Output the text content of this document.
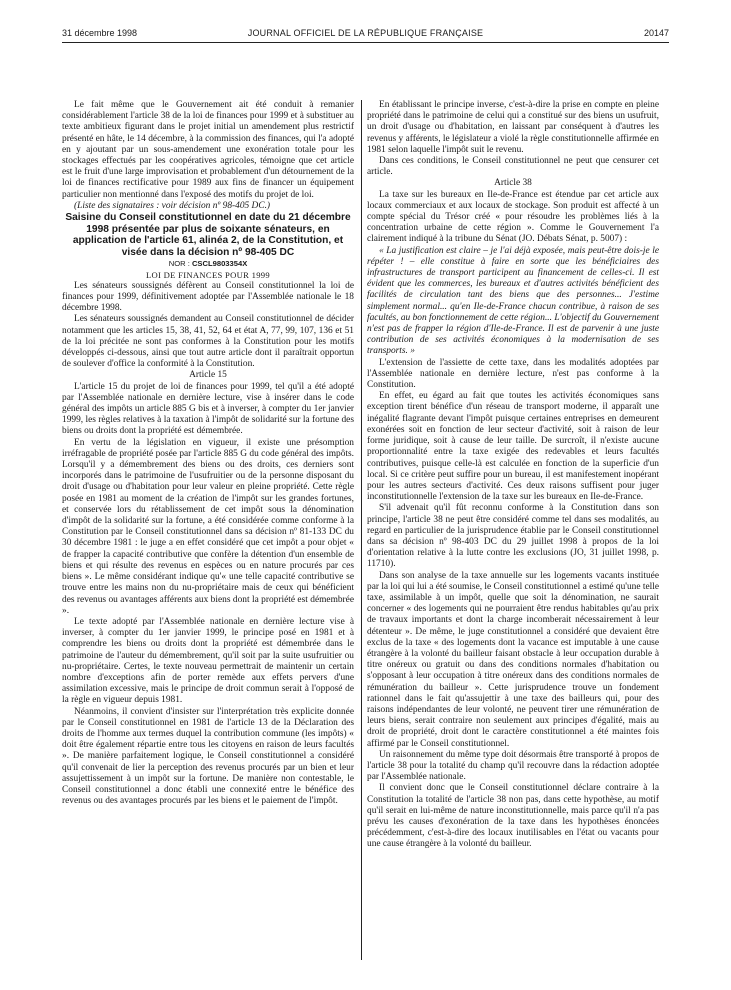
31 décembre 1998	JOURNAL OFFICIEL DE LA RÉPUBLIQUE FRANÇAISE	20147

Le fait même que le Gouvernement ait été conduit à remanier considérablement l'article 38 de la loi de finances pour 1999 et à substituer au texte ambitieux figurant dans le projet initial un amendement plus restrictif présenté en hâte, le 14 décembre, à la commission des finances, qui l'a adopté en y ajoutant par un sous-amendement une exonération totale pour les stockages effectués par les coopératives agricoles, témoigne que cet article est le fruit d'une large improvisation et probablement d'un détournement de la loi de finances rectificative pour 1989 aux fins de financer un équipement particulier non mentionné dans l'exposé des motifs du projet de loi.

(Liste des signataires : voir décision nº 98-405 DC.)

Saisine du Conseil constitutionnel en date du 21 décembre 1998 présentée par plus de soixante sénateurs, en application de l'article 61, alinéa 2, de la Constitution, et visée dans la décision nº 98-405 DC

NOR : CSCL9803354X

LOI DE FINANCES POUR 1999

Les sénateurs soussignés défèrent au Conseil constitutionnel la loi de finances pour 1999, définitivement adoptée par l'Assemblée nationale le 18 décembre 1998.

Les sénateurs soussignés demandent au Conseil constitutionnel de décider notamment que les articles 15, 38, 41, 52, 64 et état A, 77, 99, 107, 136 et 51 de la loi précitée ne sont pas conformes à la Constitution pour les motifs développés ci-dessous, ainsi que tout autre article dont il paraîtrait opportun de soulever d'office la conformité à la Constitution.

Article 15

L'article 15 du projet de loi de finances pour 1999, tel qu'il a été adopté par l'Assemblée nationale en dernière lecture, vise à insérer dans le code général des impôts un article 885 G bis et à inverser, à compter du 1er janvier 1999, les règles relatives à la taxation à l'impôt de solidarité sur la fortune des biens ou droits dont la propriété est démembrée.

En vertu de la législation en vigueur, il existe une présomption irréfragable de propriété posée par l'article 885 G du code général des impôts. Lorsqu'il y a démembrement des biens ou des droits, ces derniers sont incorporés dans le patrimoine de l'usufruitier ou de la personne disposant du droit d'usage ou d'habitation pour leur valeur en pleine propriété. Cette règle posée en 1981 au moment de la création de l'impôt sur les grandes fortunes, et conservée lors du rétablissement de cet impôt sous la dénomination d'impôt de la solidarité sur la fortune, a été considérée comme conforme à la Constitution par le Conseil constitutionnel dans sa décision nº 81-133 DC du 30 décembre 1981 : le juge a en effet considéré que cet impôt a pour objet « de frapper la capacité contributive que confère la détention d'un ensemble de biens et qui résulte des revenus en espèces ou en nature procurés par ces biens ». Le même considérant indique qu'« une telle capacité contributive se trouve entre les mains non du nu-propriétaire mais de ceux qui bénéficient des revenus ou avantages afférents aux biens dont la propriété est démembrée ».

Le texte adopté par l'Assemblée nationale en dernière lecture vise à inverser, à compter du 1er janvier 1999, le principe posé en 1981 et à comprendre les biens ou droits dont la propriété est démembrée dans le patrimoine de l'auteur du démembrement, qu'il soit par la suite usufruitier ou nu-propriétaire. Certes, le texte nouveau permettrait de maintenir un certain nombre d'exceptions afin de porter remède aux effets pervers d'une assimilation excessive, mais le principe de droit commun serait à l'opposé de la règle en vigueur depuis 1981.

Néanmoins, il convient d'insister sur l'interprétation très explicite donnée par le Conseil constitutionnel en 1981 de l'article 13 de la Déclaration des droits de l'homme aux termes duquel la contribution commune (les impôts) « doit être également répartie entre tous les citoyens en raison de leurs facultés ». De manière parfaitement logique, le Conseil constitutionnel a considéré qu'il convenait de lier la perception des revenus procurés par un bien et leur assujettissement à un impôt sur la fortune. De manière non contestable, le Conseil constitutionnel a donc établi une connexité entre le bénéfice des revenus ou des avantages procurés par les biens et le paiement de l'impôt.

En établissant le principe inverse, c'est-à-dire la prise en compte en pleine propriété dans le patrimoine de celui qui a constitué sur des biens un usufruit, un droit d'usage ou d'habitation, en laissant par conséquent à d'autres les revenus y afférents, le législateur a violé la règle constitutionnelle affirmée en 1981 selon laquelle l'impôt suit le revenu.

Dans ces conditions, le Conseil constitutionnel ne peut que censurer cet article.

Article 38

La taxe sur les bureaux en Ile-de-France est étendue par cet article aux locaux commerciaux et aux locaux de stockage. Son produit est affecté à un compte spécial du Trésor créé « pour résoudre les problèmes liés à la concentration urbaine de cette région ». Comme le Gouvernement l'a clairement indiqué à la tribune du Sénat (JO. Débats Sénat, p. 5007) :

« La justification est claire – je l'ai déjà exposée, mais peut-être dois-je le répéter ! – elle constitue à faire en sorte que les bénéficiaires des infrastructures de transport participent au financement de celles-ci. Il est évident que les commerces, les bureaux et d'autres activités bénéficient des facilités de circulation tant des biens que des personnes... J'estime simplement normal... qu'en Ile-de-France chacun contribue, à raison de ses facultés, au bon fonctionnement de cette région... L'objectif du Gouvernement n'est pas de frapper la région d'Ile-de-France. Il est de parvenir à une juste contribution de ses activités économiques à la modernisation de ses transports. »

L'extension de l'assiette de cette taxe, dans les modalités adoptées par l'Assemblée nationale en dernière lecture, n'est pas conforme à la Constitution.

En effet, eu égard au fait que toutes les activités économiques sans exception tirent bénéfice d'un réseau de transport moderne, il apparaît une inégalité flagrante devant l'impôt puisque certaines entreprises en demeurent exonérées soit en fonction de leur secteur d'activité, soit à raison de leur forme juridique, soit à cause de leur taille. De surcroît, il n'existe aucune proportionnalité entre la taxe exigée des redevables et leurs facultés contributives, puisque celle-là est calculée en fonction de la superficie d'un local. Si ce critère peut suffire pour un bureau, il est manifestement inopérant pour les autres secteurs d'activité. Ces deux raisons suffisent pour juger inconstitutionnelle l'extension de la taxe sur les bureaux en Ile-de-France.

S'il advenait qu'il fût reconnu conforme à la Constitution dans son principe, l'article 38 ne peut être considéré comme tel dans ses modalités, au regard en particulier de la jurisprudence établie par le Conseil constitutionnel dans sa décision nº 98-403 DC du 29 juillet 1998 à propos de la loi d'orientation relative à la lutte contre les exclusions (JO, 31 juillet 1998, p. 11710).

Dans son analyse de la taxe annuelle sur les logements vacants instituée par la loi qui lui a été soumise, le Conseil constitutionnel a estimé qu'une telle taxe, assimilable à un impôt, quelle que soit la dénomination, ne saurait concerner « des logements qui ne pourraient être rendus habitables qu'au prix de travaux importants et dont la charge incomberait nécessairement à leur détenteur ». De même, le juge constitutionnel a considéré que devaient être exclus de la taxe « des logements dont la vacance est imputable à une cause étrangère à la volonté du bailleur faisant obstacle à leur occupation durable à titre onéreux ou gratuit ou dans des conditions normales d'habitation ou s'opposant à leur occupation à titre onéreux dans des conditions normales de rémunération du bailleur ». Cette jurisprudence trouve un fondement rationnel dans le fait qu'assujettir à une taxe des bailleurs qui, pour des raisons indépendantes de leur volonté, ne peuvent tirer une rémunération de leurs biens, serait contraire non seulement aux principes d'égalité, mais au droit de propriété, droit dont le caractère constitutionnel a été maintes fois affirmé par le Conseil constitutionnel.

Un raisonnement du même type doit désormais être transporté à propos de l'article 38 pour la totalité du champ qu'il recouvre dans la rédaction adoptée par l'Assemblée nationale.

Il convient donc que le Conseil constitutionnel déclare contraire à la Constitution la totalité de l'article 38 non pas, dans cette hypothèse, au motif qu'il serait en lui-même de nature inconstitutionnelle, mais parce qu'il n'a pas prévu les causes d'exonération de la taxe dans les hypothèses énoncées précédemment, c'est-à-dire des locaux inutilisables en l'état ou vacants pour une cause étrangère à la volonté du bailleur.
